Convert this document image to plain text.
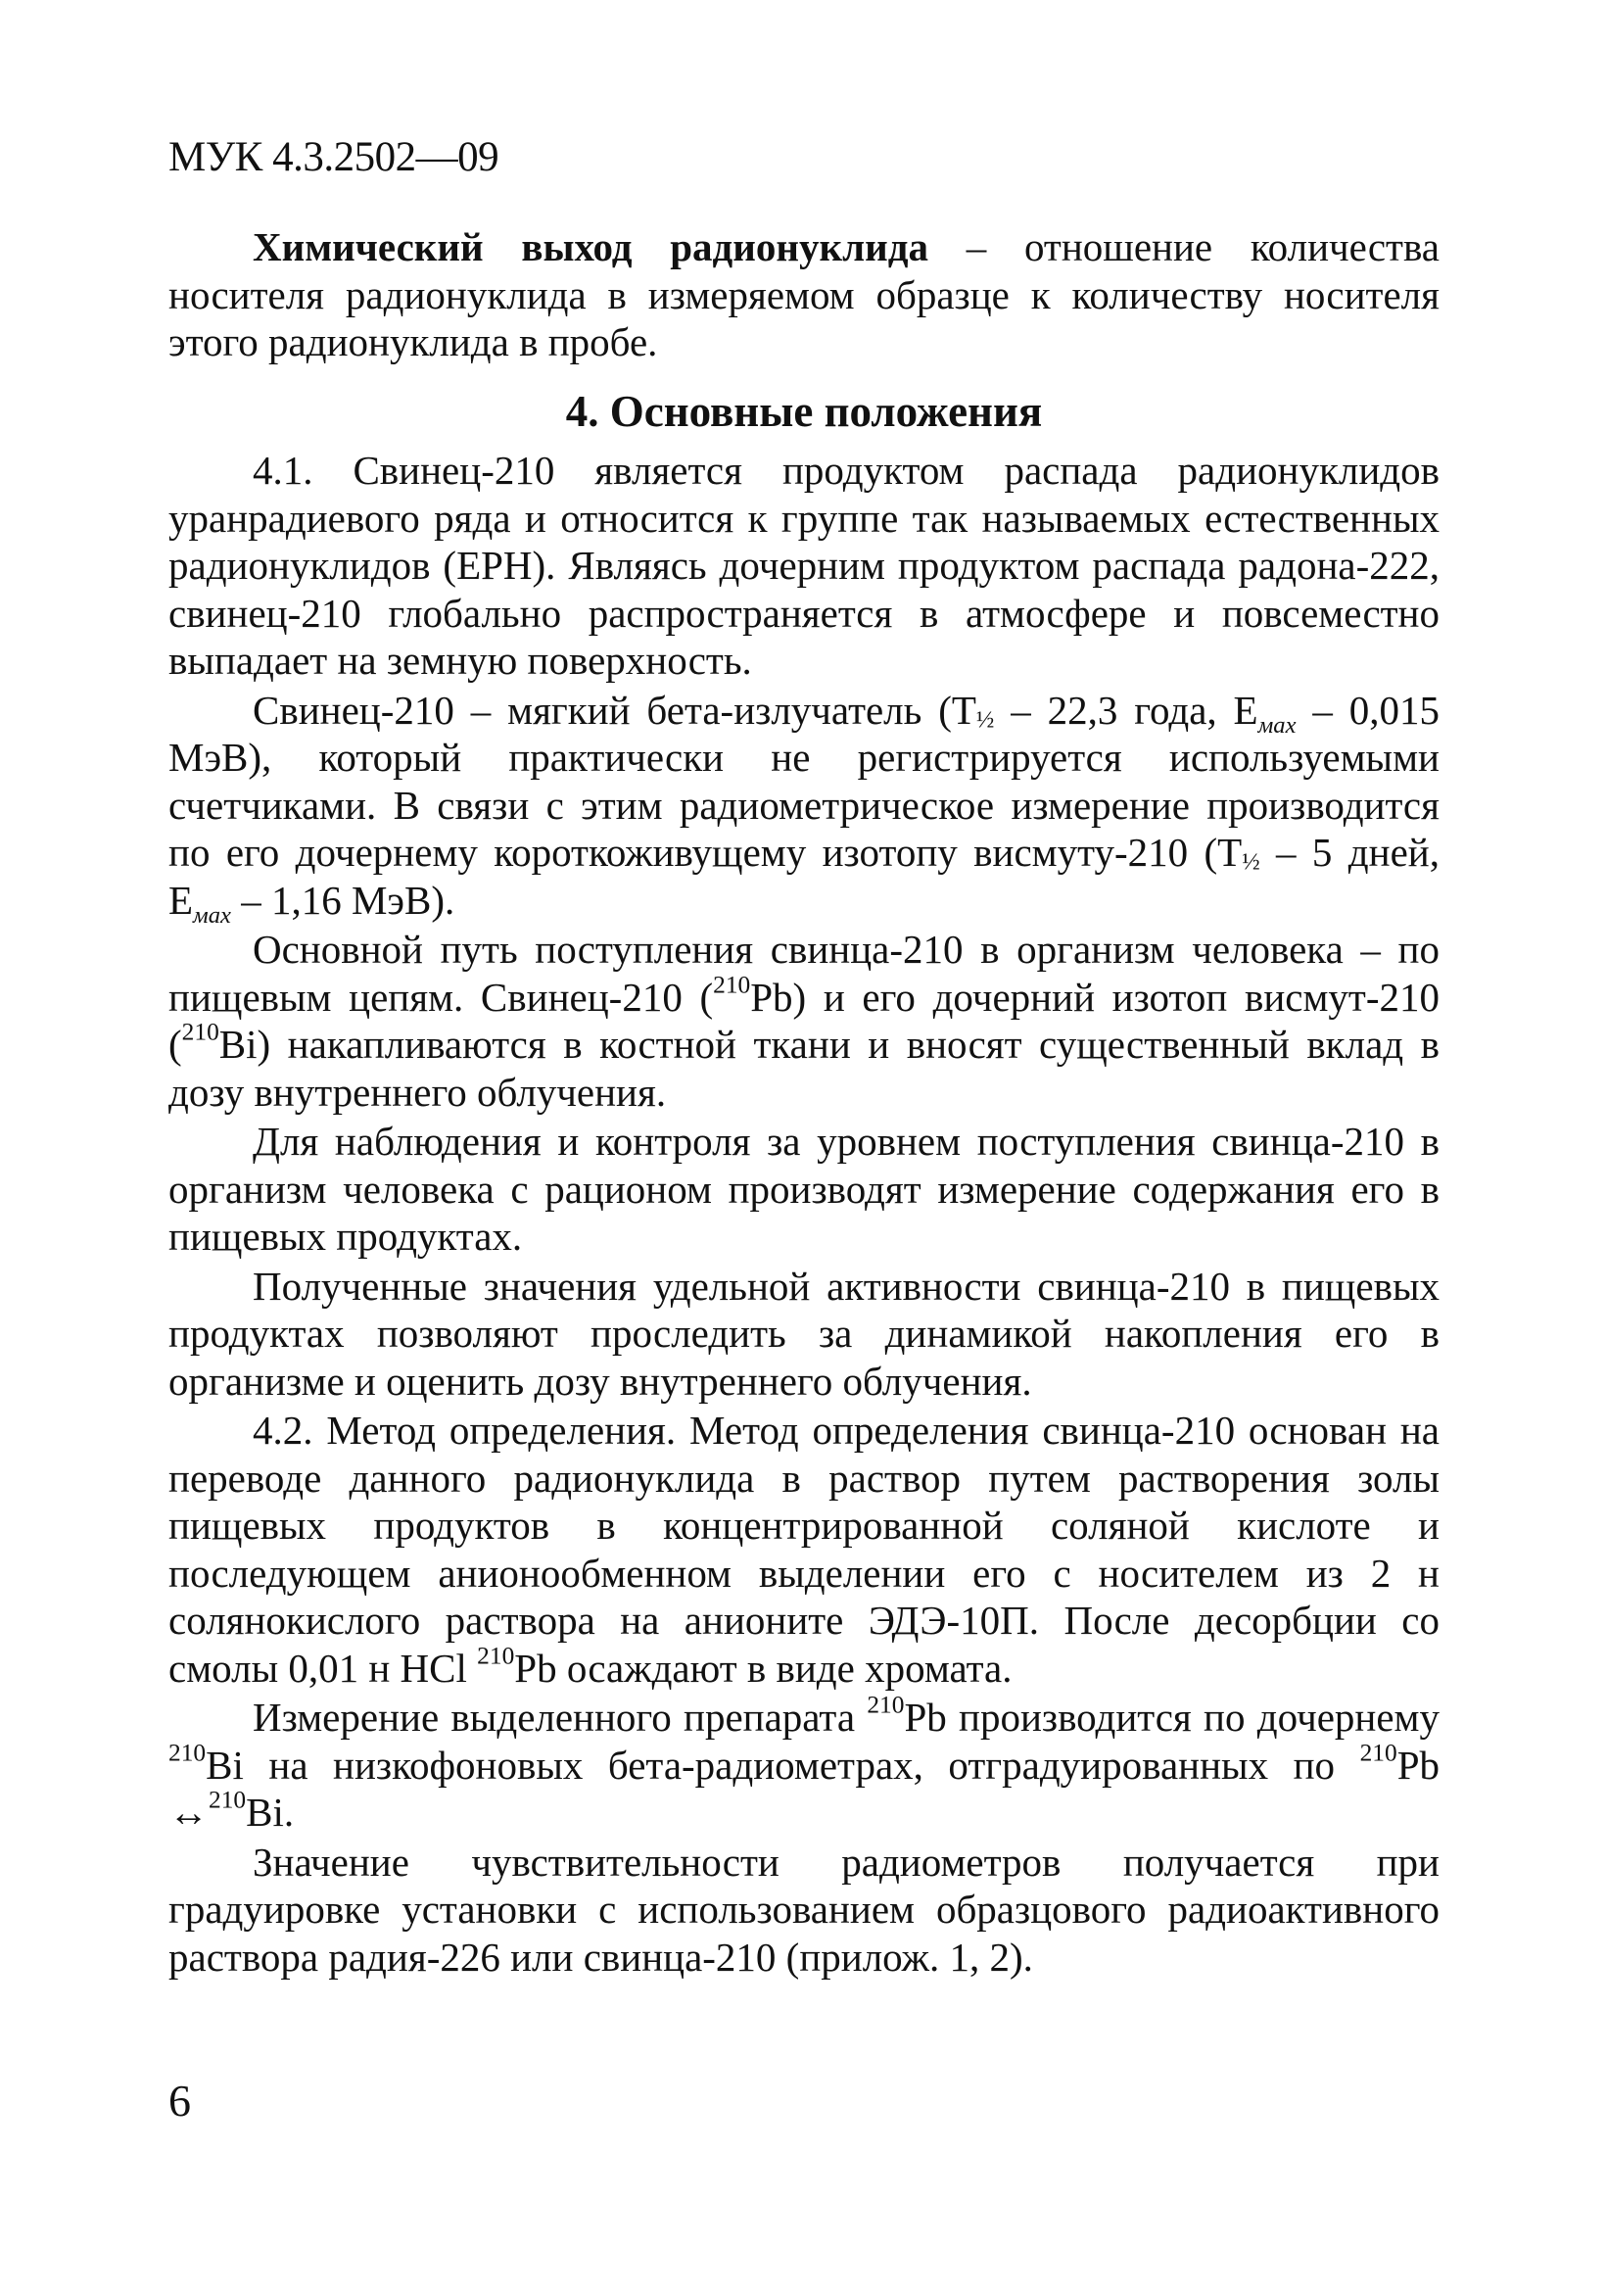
МУК 4.3.2502—09

Химический выход радионуклида – отношение количества носителя радионуклида в измеряемом образце к количеству носителя этого радионуклида в пробе.

4. Основные положения

4.1. Свинец-210 является продуктом распада радионуклидов уранрадиевого ряда и относится к группе так называемых естественных радионуклидов (ЕРН). Являясь дочерним продуктом распада радона-222, свинец-210 глобально распространяется в атмосфере и повсеместно выпадает на земную поверхность.

Свинец-210 – мягкий бета-излучатель ($T_{\frac{1}{2}} - 22,3$ года, $E_{мах} - 0,015$ МэВ), который практически не регистрируется используемыми счетчиками. В связи с этим радиометрическое измерение производится по его дочернему короткоживущему изотопу висмуту-210 ($T_{\frac{1}{2}} - 5$ дней, $E_{мах} - 1,16$ МэВ).

Основной путь поступления свинца-210 в организм человека – по пищевым цепям. Свинец-210 ($^{210}$Pb) и его дочерний изотоп висмут-210 ($^{210}$Bi) накапливаются в костной ткани и вносят существенный вклад в дозу внутреннего облучения.

Для наблюдения и контроля за уровнем поступления свинца-210 в организм человека с рационом производят измерение содержания его в пищевых продуктах.

Полученные значения удельной активности свинца-210 в пищевых продуктах позволяют проследить за динамикой накопления его в организме и оценить дозу внутреннего облучения.

4.2. Метод определения. Метод определения свинца-210 основан на переводе данного радионуклида в раствор путем растворения золы пищевых продуктов в концентрированной соляной кислоте и последующем анионообменном выделении его с носителем из 2 н солянокислого раствора на анионите ЭДЭ-10П. После десорбции со смолы 0,01 н HCl $^{210}$Pb осаждают в виде хромата.

Измерение выделенного препарата $^{210}$Pb производится по дочернему $^{210}$Bi на низкофоновых бета-радиометрах, отградуированных по $^{210}$Pb ↔$^{210}$Bi.

Значение чувствительности радиометров получается при градуировке установки с использованием образцового радиоактивного раствора радия-226 или свинца-210 (прилож. 1, 2).

6
